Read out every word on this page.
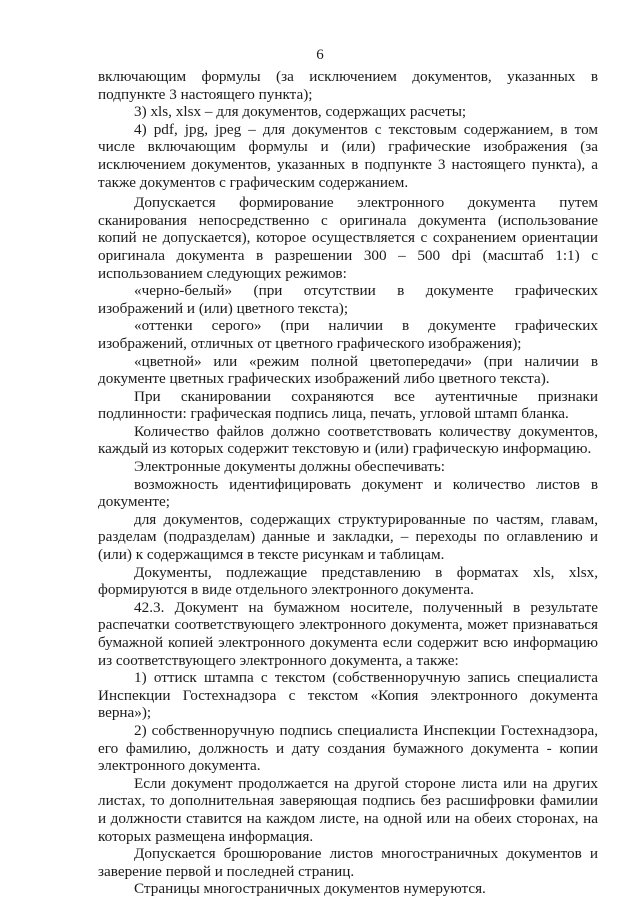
6

включающим формулы (за исключением документов, указанных в подпункте 3 настоящего пункта);

3) xls, xlsx – для документов, содержащих расчеты;

4) pdf, jpg, jpeg – для документов с текстовым содержанием, в том числе включающим формулы и (или) графические изображения (за исключением документов, указанных в подпункте 3 настоящего пункта), а также документов с графическим содержанием.

Допускается формирование электронного документа путем сканирования непосредственно с оригинала документа (использование копий не допускается), которое осуществляется с сохранением ориентации оригинала документа в разрешении 300 – 500 dpi (масштаб 1:1) с использованием следующих режимов:

«черно-белый» (при отсутствии в документе графических изображений и (или) цветного текста);

«оттенки серого» (при наличии в документе графических изображений, отличных от цветного графического изображения);

«цветной» или «режим полной цветопередачи» (при наличии в документе цветных графических изображений либо цветного текста).

При сканировании сохраняются все аутентичные признаки подлинности: графическая подпись лица, печать, угловой штамп бланка.

Количество файлов должно соответствовать количеству документов, каждый из которых содержит текстовую и (или) графическую информацию.

Электронные документы должны обеспечивать:

возможность идентифицировать документ и количество листов в документе;

для документов, содержащих структурированные по частям, главам, разделам (подразделам) данные и закладки, – переходы по оглавлению и (или) к содержащимся в тексте рисункам и таблицам.

Документы, подлежащие представлению в форматах xls, xlsx, формируются в виде отдельного электронного документа.

42.3. Документ на бумажном носителе, полученный в результате распечатки соответствующего электронного документа, может признаваться бумажной копией электронного документа если содержит всю информацию из соответствующего электронного документа, а также:

1) оттиск штампа с текстом (собственноручную запись специалиста Инспекции Гостехнадзора с текстом «Копия электронного документа верна»);

2) собственноручную подпись специалиста Инспекции Гостехнадзора, его фамилию, должность и дату создания бумажного документа - копии электронного документа.

Если документ продолжается на другой стороне листа или на других листах, то дополнительная заверяющая подпись без расшифровки фамилии и должности ставится на каждом листе, на одной или на обеих сторонах, на которых размещена информация.

Допускается брошюрование листов многостраничных документов и заверение первой и последней страниц.

Страницы многостраничных документов нумеруются.
